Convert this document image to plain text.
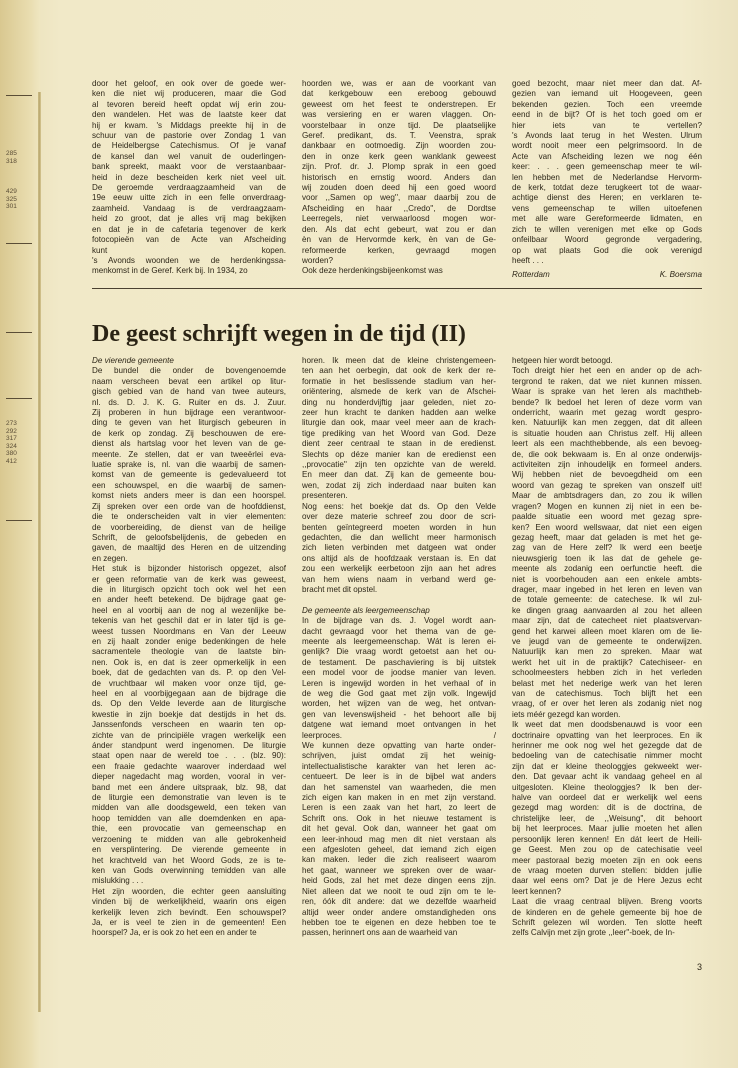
285
318
429
325
301
273
292
317
324
380
412

door het geloof, en ook over de goede wer-

ken die niet wij produceren, maar die God

al tevoren bereid heeft opdat wij erin zou-

den wandelen. Het was de laatste keer dat

hij er kwam. 's Middags preekte hij in de

schuur van de pastorie over Zondag 1 van

de Heidelbergse Catechismus. Of je vanaf

de kansel dan wel vanuit de ouderlingen-

bank spreekt, maakt voor de verstaanbaar-

heid in deze bescheiden kerk niet veel uit.

De geroemde verdraagzaamheid van de

19e eeuw uitte zich in een felle onverdraag-

zaamheid. Vandaag is de verdraagzaam-

heid zo groot, dat je alles vrij mag bekijken

en dat je in de cafetaria tegenover de kerk

fotocopieën van de Acte van Afscheiding

kunt kopen.

's Avonds woonden we de herdenkingssa-

menkomst in de Geref. Kerk bij. In 1934, zo

hoorden we, was er aan de voorkant van

dat kerkgebouw een ereboog gebouwd

geweest om het feest te onderstrepen. Er

was versiering en er waren vlaggen. On-

voorstelbaar in onze tijd. De plaatselijke

Geref. predikant, ds. T. Veenstra, sprak

dankbaar en ootmoedig. Zijn woorden zou-

den in onze kerk geen wanklank geweest

zijn. Prof. dr. J. Plomp sprak in een goed

historisch en ernstig woord. Anders dan

wij zouden doen deed hij een goed woord

voor ,,Samen op weg'', maar daarbij zou de

Afscheiding en haar ,,Credo'', de Dordtse

Leerregels, niet verwaarloosd mogen wor-

den. Als dat echt gebeurt, wat zou er dan

èn van de Hervormde kerk, èn van de Ge-

reformeerde kerken, gevraagd mogen

worden?

Ook deze herdenkingsbijeenkomst was

goed bezocht, maar niet meer dan dat. Af-

gezien van iemand uit Hoogeveen, geen

bekenden gezien. Toch een vreemde

eend in de bijt? Of is het toch goed om er

hier iets van te vertellen?

's Avonds laat terug in het Westen. Ulrum

wordt nooit meer een pelgrimsoord. In de

Acte van Afscheiding lezen we nog één

keer: . . . geen gemeenschap meer te wil-

len hebben met de Nederlandse Hervorm-

de kerk, totdat deze terugkeert tot de waar-

achtige dienst des Heren; en verklaren te-

vens gemeenschap te willen uitoefenen

met alle ware Gereformeerde lidmaten, en

zich te willen verenigen met elke op Gods

onfeilbaar Woord gegronde vergadering,

op wat plaats God die ook verenigd

heeft . . .

Rotterdam	K. Boersma
De geest schrijft wegen in de tijd (II)

De vierende gemeente

De bundel die onder de bovengenoemde

naam verscheen bevat een artikel op litur-

gisch gebied van de hand van twee auteurs,

nl. ds. D. J. K. G. Ruiter en ds. J. Zuur.

Zij proberen in hun bijdrage een verantwoor-

ding te geven van het liturgisch gebeuren in

de kerk op zondag. Zij beschouwen de ere-

dienst als hartslag voor het leven van de ge-

meente. Ze stellen, dat er van tweeërlei eva-

luatie sprake is, nl. van die waarbij de samen-

komst van de gemeente is gedevalueerd tot

een schouwspel, en die waarbij de samen-

komst niets anders meer is dan een hoorspel.

Zij spreken over een orde van de hoofddienst,

die te onderscheiden valt in vier elementen:

de voorbereiding, de dienst van de heilige

Schrift, de geloofsbelijdenis, de gebeden en

gaven, de maaltijd des Heren en de uitzending

en zegen.

Het stuk is bijzonder historisch opgezet, alsof

er geen reformatie van de kerk was geweest,

die in liturgisch opzicht toch ook wel het een

en ander heeft betekend. De bijdrage gaat ge-

heel en al voorbij aan de nog al wezenlijke be-

tekenis van het geschil dat er in later tijd is ge-

weest tussen Noordmans en Van der Leeuw

en zij haalt zonder enige bedenkingen de hele

sacramentele theologie van de laatste bin-

nen. Ook is, en dat is zeer opmerkelijk in een

boek, dat de gedachten van ds. P. op den Vel-

de vruchtbaar wil maken voor onze tijd, ge-

heel en al voorbijgegaan aan de bijdrage die

ds. Op den Velde leverde aan de liturgische

kwestie in zijn boekje dat destijds in het ds.

Janssenfonds verscheen en waarin ten op-

zichte van de principiële vragen werkelijk een

ánder standpunt werd ingenomen. De liturgie

staat open naar de wereld toe . . . (blz. 90):

een fraaie gedachte waarover inderdaad wel

dieper nagedacht mag worden, vooral in ver-

band met een ándere uitspraak, blz. 98, dat

de liturgie een demonstratie van leven is te

midden van alle doodsgeweld, een teken van

hoop temidden van alle doemdenken en apa-

thie, een provocatie van gemeenschap en

verzoening te midden van alle gebrokenheid

en versplintering. De vierende gemeente in

het krachtveld van het Woord Gods, ze is te-

ken van Gods overwinning temidden van alle

mislukking . . .

Het zijn woorden, die echter geen aansluiting

vinden bij de werkelijkheid, waarin ons eigen

kerkelijk leven zich bevindt. Een schouwspel?

Ja, er is veel te zien in de gemeenten! Een

hoorspel? Ja, er is ook zo het een en ander te

horen. Ik meen dat de kleine christengemeen-

ten aan het oerbegin, dat ook de kerk der re-

formatie in het beslissende stadium van her-

oriëntering, alsmede de kerk van de Afschei-

ding nu honderdvijftig jaar geleden, niet zo-

zeer hun kracht te danken hadden aan welke

liturgie dan ook, maar veel meer aan de krach-

tige prediking van het Woord van God. Deze

dient zeer centraal te staan in de eredienst.

Slechts op déze manier kan de eredienst een

,,provocatie'' zijn ten opzichte van de wereld.

En meer dan dat. Zij kan de gemeente bou-

wen, zodat zij zich inderdaad naar buiten kan

presenteren.

Nog eens: het boekje dat ds. Op den Velde

over deze materie schreef zou door de scri-

benten geïntegreerd moeten worden in hun

gedachten, die dan wellicht meer harmonisch

zich lieten verbinden met datgeen wat onder

ons altijd als de hoofdzaak verstaan is. En dat

zou een werkelijk eerbetoon zijn aan het adres

van hem wiens naam in verband werd ge-

bracht met dit opstel.

De gemeente als leergemeenschap

In de bijdrage van ds. J. Vogel wordt aan-

dacht gevraagd voor het thema van de ge-

meente als leergemeenschap. Wát is leren ei-

genlijk? Die vraag wordt getoetst aan het ou-

de testament. De paschaviering is bij uitstek

een model voor de joodse manier van leven.

Leren is ingewijd worden in het verhaal of in

de weg die God gaat met zijn volk. Ingewijd

worden, het wijzen van de weg, het ontvan-

gen van levenswijsheid - het behoort alle bij

datgene wat iemand moet ontvangen in het

leerproces. /

We kunnen deze opvatting van harte onder-

schrijven, juist omdat zij het weinig-

intellectualistische karakter van het leren ac-

centueert. De leer is in de bijbel wat anders

dan het samenstel van waarheden, die men

zich eigen kan maken in en met zijn verstand.

Leren is een zaak van het hart, zo leert de

Schrift ons. Ook in het nieuwe testament is

dit het geval. Ook dan, wanneer het gaat om

een leer-inhoud mag men dit niet verstaan als

een afgesloten geheel, dat iemand zich eigen

kan maken. Ieder die zich realiseert waarom

het gaat, wanneer we spreken over de waar-

heid Gods, zal het met deze dingen eens zijn.

Niet alleen dat we nooit te oud zijn om te le-

ren, óók dit andere: dat we dezelfde waarheid

altijd weer onder andere omstandigheden ons

hebben toe te eigenen en deze hebben toe te

passen, herinnert ons aan de waarheid van

hetgeen hier wordt betoogd.

Toch dreigt hier het een en ander op de ach-

tergrond te raken, dat we niet kunnen missen.

Waar is sprake van het leren als machtheb-

bende? Ik bedoel het leren of deze vorm van

onderricht, waarin met gezag wordt gespro-

ken. Natuurlijk kan men zeggen, dat dit alleen

is situatie houden aan Christus zelf. Hij alleen

leert als een machthebbende, als een bevoeg-

de, die ook bekwaam is. En al onze onderwijs-

activiteiten zijn inhoudelijk en formeel anders.

Wij hebben niet de bevoegdheid om een

woord van gezag te spreken van onszelf uit!

Maar de ambtsdragers dan, zo zou ik willen

vragen? Mogen en kunnen zij niet in een be-

paalde situatie een woord met gezag spre-

ken? Een woord wellswaar, dat niet een eigen

gezag heeft, maar dat geladen is met het ge-

zag van de Here zelf? Ik werd een beetje

nieuwsgierig toen ik las dat de gehele ge-

meente als zodanig een oerfunctie heeft. die

niet is voorbehouden aan een enkele ambts-

drager, maar ingebed in het leren en leven van

de totale gemeente: de catechese. Ik wil zul-

ke dingen graag aanvaarden al zou het alleen

maar zijn, dat de catecheet niet plaatsvervan-

gend het karwei alleen moet klaren om de lie-

ve jeugd van de gemeente te onderwijzen.

Natuurlijk kan men zo spreken. Maar wat

werkt het uit in de praktijk? Catechiseer- en

schoolmeesters hebben zich in het verleden

belast met het nederige werk van het leren

van de catechismus. Toch blijft het een

vraag, of er over het leren als zodanig niet nog

iets méér gezegd kan worden.

Ik weet dat men doodsbenauwd is voor een

doctrinaire opvatting van het leerproces. En ik

herinner me ook nog wel het gezegde dat de

bedoeling van de catechisatie nimmer mocht

zijn dat er kleine theologgjes gekweekt wer-

den. Dat gevaar acht ik vandaag geheel en al

uitgesloten. Kleine theologgjes? Ik ben der-

halve van oordeel dat er werkelijk wel eens

gezegd mag worden: dit is de doctrina, de

christelijke leer, de ,,Weisung'', dit behoort

bij het leerproces. Maar jullie moeten het allen

persoonlijk leren kennen! En dát leert de Heili-

ge Geest. Men zou op de catechisatie veel

meer pastoraal bezig moeten zijn en ook eens

de vraag moeten durven stellen: bidden jullie

daar wel eens om? Dat je de Here Jezus echt

leert kennen?

Laat die vraag centraal blijven. Breng voorts

de kinderen en de gehele gemeente bij hoe de

Schrift gelezen wil worden. Ten slotte heeft

zelfs Calvijn met zijn grote ,,leer''-boek, de In-

3
